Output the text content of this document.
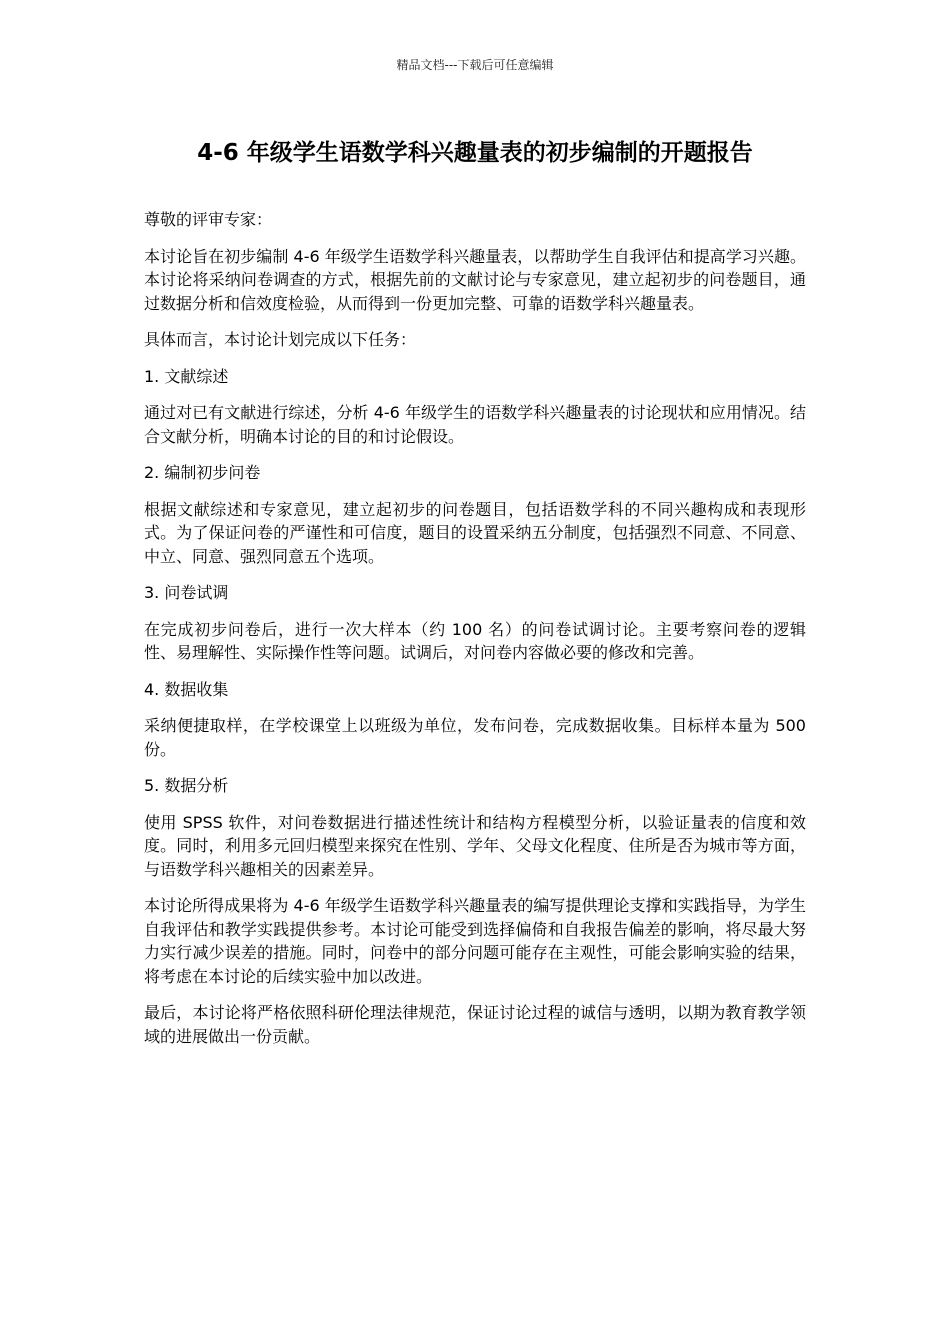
精品文档---下载后可任意编辑
4-6 年级学生语数学科兴趣量表的初步编制的开题报告

尊敬的评审专家：

本讨论旨在初步编制 4-6 年级学生语数学科兴趣量表，以帮助学生自我评估和提高学习兴趣。本讨论将采纳问卷调查的方式，根据先前的文献讨论与专家意见，建立起初步的问卷题目，通过数据分析和信效度检验，从而得到一份更加完整、可靠的语数学科兴趣量表。

具体而言，本讨论计划完成以下任务：

1. 文献综述

通过对已有文献进行综述，分析 4-6 年级学生的语数学科兴趣量表的讨论现状和应用情况。结合文献分析，明确本讨论的目的和讨论假设。

2. 编制初步问卷

根据文献综述和专家意见，建立起初步的问卷题目，包括语数学科的不同兴趣构成和表现形式。为了保证问卷的严谨性和可信度，题目的设置采纳五分制度，包括强烈不同意、不同意、中立、同意、强烈同意五个选项。

3. 问卷试调

在完成初步问卷后，进行一次大样本（约 100 名）的问卷试调讨论。主要考察问卷的逻辑性、易理解性、实际操作性等问题。试调后，对问卷内容做必要的修改和完善。

4. 数据收集

采纳便捷取样，在学校课堂上以班级为单位，发布问卷，完成数据收集。目标样本量为 500 份。

5. 数据分析

使用 SPSS 软件，对问卷数据进行描述性统计和结构方程模型分析，以验证量表的信度和效度。同时，利用多元回归模型来探究在性别、学年、父母文化程度、住所是否为城市等方面，与语数学科兴趣相关的因素差异。

本讨论所得成果将为 4-6 年级学生语数学科兴趣量表的编写提供理论支撑和实践指导，为学生自我评估和教学实践提供参考。本讨论可能受到选择偏倚和自我报告偏差的影响，将尽最大努力实行减少误差的措施。同时，问卷中的部分问题可能存在主观性，可能会影响实验的结果，将考虑在本讨论的后续实验中加以改进。

最后，本讨论将严格依照科研伦理法律规范，保证讨论过程的诚信与透明，以期为教育教学领域的进展做出一份贡献。
